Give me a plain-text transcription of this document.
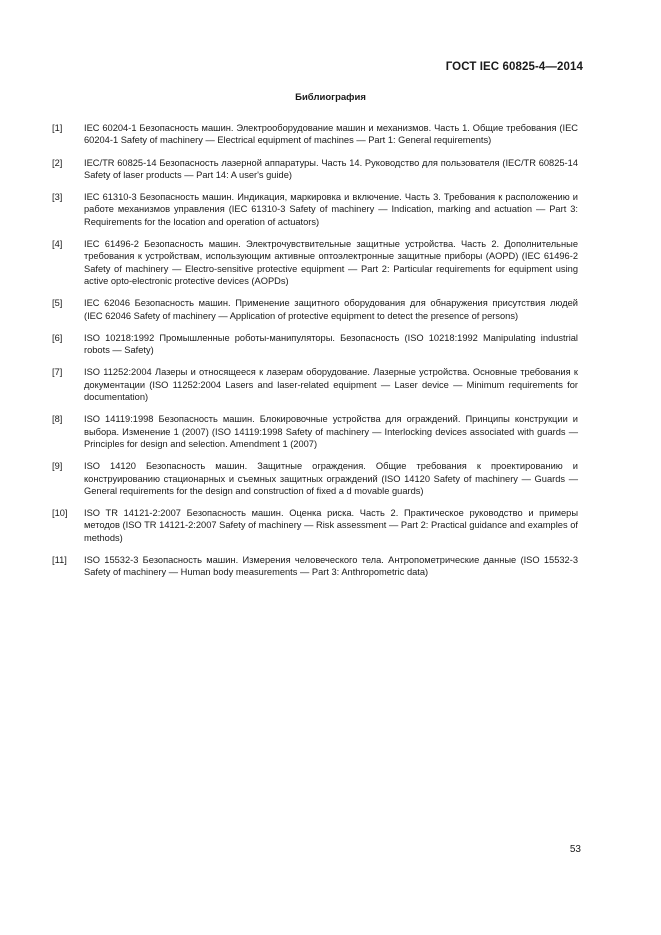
ГОСТ IEC 60825-4—2014
Библиография
[1]	IEC 60204-1 Безопасность машин. Электрооборудование машин и механизмов. Часть 1. Общие требования (IEC 60204-1 Safety of machinery — Electrical equipment of machines — Part 1: General requirements)
[2]	IEC/TR 60825-14 Безопасность лазерной аппаратуры. Часть 14. Руководство для пользователя (IEC/TR 60825-14 Safety of laser products — Part 14: A user's guide)
[3]	IEC 61310-3 Безопасность машин. Индикация, маркировка и включение. Часть 3. Требования к расположению и работе механизмов управления (IEC 61310-3 Safety of machinery — Indication, marking and actuation — Part 3: Requirements for the location and operation of actuators)
[4]	IEC 61496-2 Безопасность машин. Электрочувствительные защитные устройства. Часть 2. Дополнительные требования к устройствам, использующим активные оптоэлектронные защитные приборы (AOPD) (IEC 61496-2 Safety of machinery — Electro-sensitive protective equipment — Part 2: Particular requirements for equipment using active opto-electronic protective devices (AOPDs)
[5]	IEC 62046 Безопасность машин. Применение защитного оборудования для обнаружения присутствия людей (IEC 62046 Safety of machinery — Application of protective equipment to detect the presence of persons)
[6]	ISO 10218:1992 Промышленные роботы-манипуляторы. Безопасность (ISO 10218:1992 Manipulating industrial robots — Safety)
[7]	ISO 11252:2004 Лазеры и относящееся к лазерам оборудование. Лазерные устройства. Основные требования к документации (ISO 11252:2004 Lasers and laser-related equipment — Laser device — Minimum requirements for documentation)
[8]	ISO 14119:1998 Безопасность машин. Блокировочные устройства для ограждений. Принципы конструкции и выбора. Изменение 1 (2007) (ISO 14119:1998 Safety of machinery — Interlocking devices associated with guards — Principles for design and selection. Amendment 1 (2007)
[9]	ISO 14120 Безопасность машин. Защитные ограждения. Общие требования к проектированию и конструированию стационарных и съемных защитных ограждений (ISO 14120 Safety of machinery — Guards — General requirements for the design and construction of fixed a d movable guards)
[10]	ISO TR 14121-2:2007 Безопасность машин. Оценка риска. Часть 2. Практическое руководство и примеры методов (ISO TR 14121-2:2007 Safety of machinery — Risk assessment — Part 2: Practical guidance and examples of methods)
[11]	ISO 15532-3 Безопасность машин. Измерения человеческого тела. Антропометрические данные (ISO 15532-3 Safety of machinery — Human body measurements — Part 3: Anthropometric data)
53
